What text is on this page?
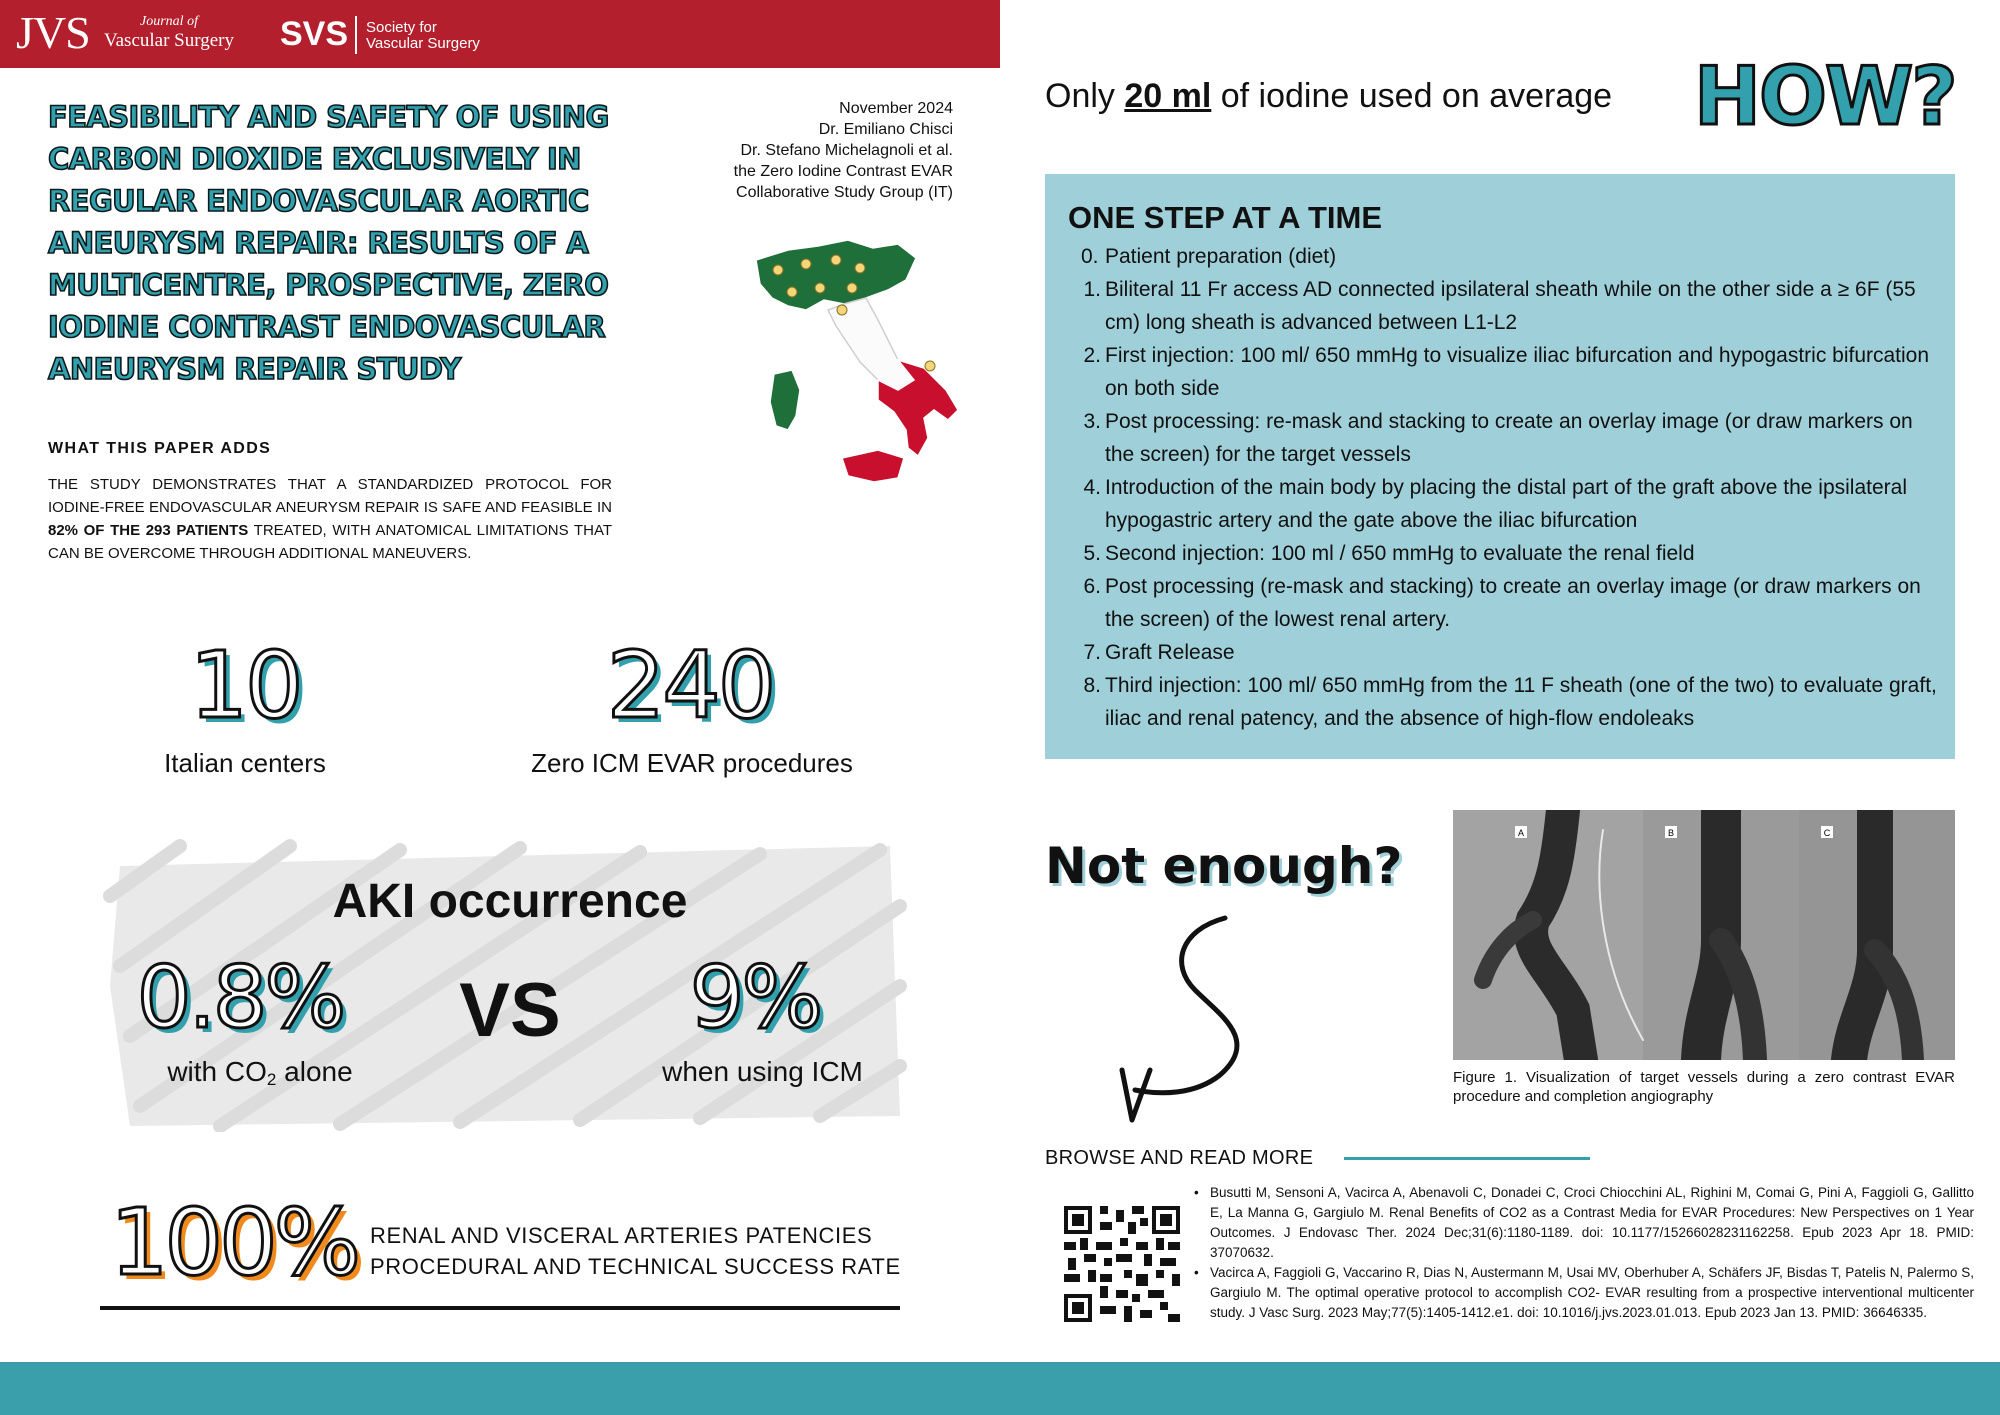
JVS	Journal of
Vascular Surgery SVS Society for
Vascular Surgery
FEASIBILITY AND SAFETY OF USING CARBON DIOXIDE EXCLUSIVELY IN REGULAR ENDOVASCULAR AORTIC ANEURYSM REPAIR: RESULTS OF A MULTICENTRE, PROSPECTIVE, ZERO IODINE CONTRAST ENDOVASCULAR ANEURYSM REPAIR STUDY
November 2024
Dr. Emiliano Chisci
Dr. Stefano Michelagnoli et al.
the Zero Iodine Contrast EVAR
Collaborative Study Group (IT)
WHAT THIS PAPER ADDS
THE STUDY DEMONSTRATES THAT A STANDARDIZED PROTOCOL FOR IODINE-FREE ENDOVASCULAR ANEURYSM REPAIR IS SAFE AND FEASIBLE IN 82% OF THE 293 PATIENTS TREATED, WITH ANATOMICAL LIMITATIONS THAT CAN BE OVERCOME THROUGH ADDITIONAL MANEUVERS.
10
Italian centers
240
Zero ICM EVAR procedures
AKI occurrence
0.8% VS	9%
with $CO_2$ alone	when using ICM
100% RENAL AND VISCERAL ARTERIES PATENCIES
PROCEDURAL AND TECHNICAL SUCCESS RATE
Only 20 ml of iodine used on average HOW?
ONE STEP AT A TIME
0. Patient preparation (diet)
1. Biliteral 11 Fr access AD connected ipsilateral sheath while on the other side a ≥ 6F (55 cm) long sheath is advanced between L1-L2
2. First injection: 100 ml/ 650 mmHg to visualize iliac bifurcation and hypogastric bifurcation on both side
3. Post processing: re-mask and stacking to create an overlay image (or draw markers on the screen) for the target vessels
4. Introduction of the main body by placing the distal part of the graft above the ipsilateral hypogastric artery and the gate above the iliac bifurcation
5. Second injection: 100 ml / 650 mmHg to evaluate the renal field
6. Post processing (re-mask and stacking) to create an overlay image (or draw markers on the screen) of the lowest renal artery.
7. Graft Release
8. Third injection: 100 ml/ 650 mmHg from the 11 F sheath (one of the two) to evaluate graft, iliac and renal patency, and the absence of high-flow endoleaks
Not enough?
A	B	C
Figure 1. Visualization of target vessels during a zero contrast EVAR procedure and completion angiography
BROWSE AND READ MORE
• Busutti M, Sensoni A, Vacirca A, Abenavoli C, Donadei C, Croci Chiocchini AL, Righini M, Comai G, Pini A, Faggioli G, Gallitto E, La Manna G, Gargiulo M. Renal Benefits of CO2 as a Contrast Media for EVAR Procedures: New Perspectives on 1 Year Outcomes. J Endovasc Ther. 2024 Dec;31(6):1180-1189. doi: 10.1177/15266028231162258. Epub 2023 Apr 18. PMID: 37070632.
• Vacirca A, Faggioli G, Vaccarino R, Dias N, Austermann M, Usai MV, Oberhuber A, Schäfers JF, Bisdas T, Patelis N, Palermo S, Gargiulo M. The optimal operative protocol to accomplish CO2- EVAR resulting from a prospective interventional multicenter study. J Vasc Surg. 2023 May;77(5):1405-1412.e1. doi: 10.1016/j.jvs.2023.01.013. Epub 2023 Jan 13. PMID: 36646335.
